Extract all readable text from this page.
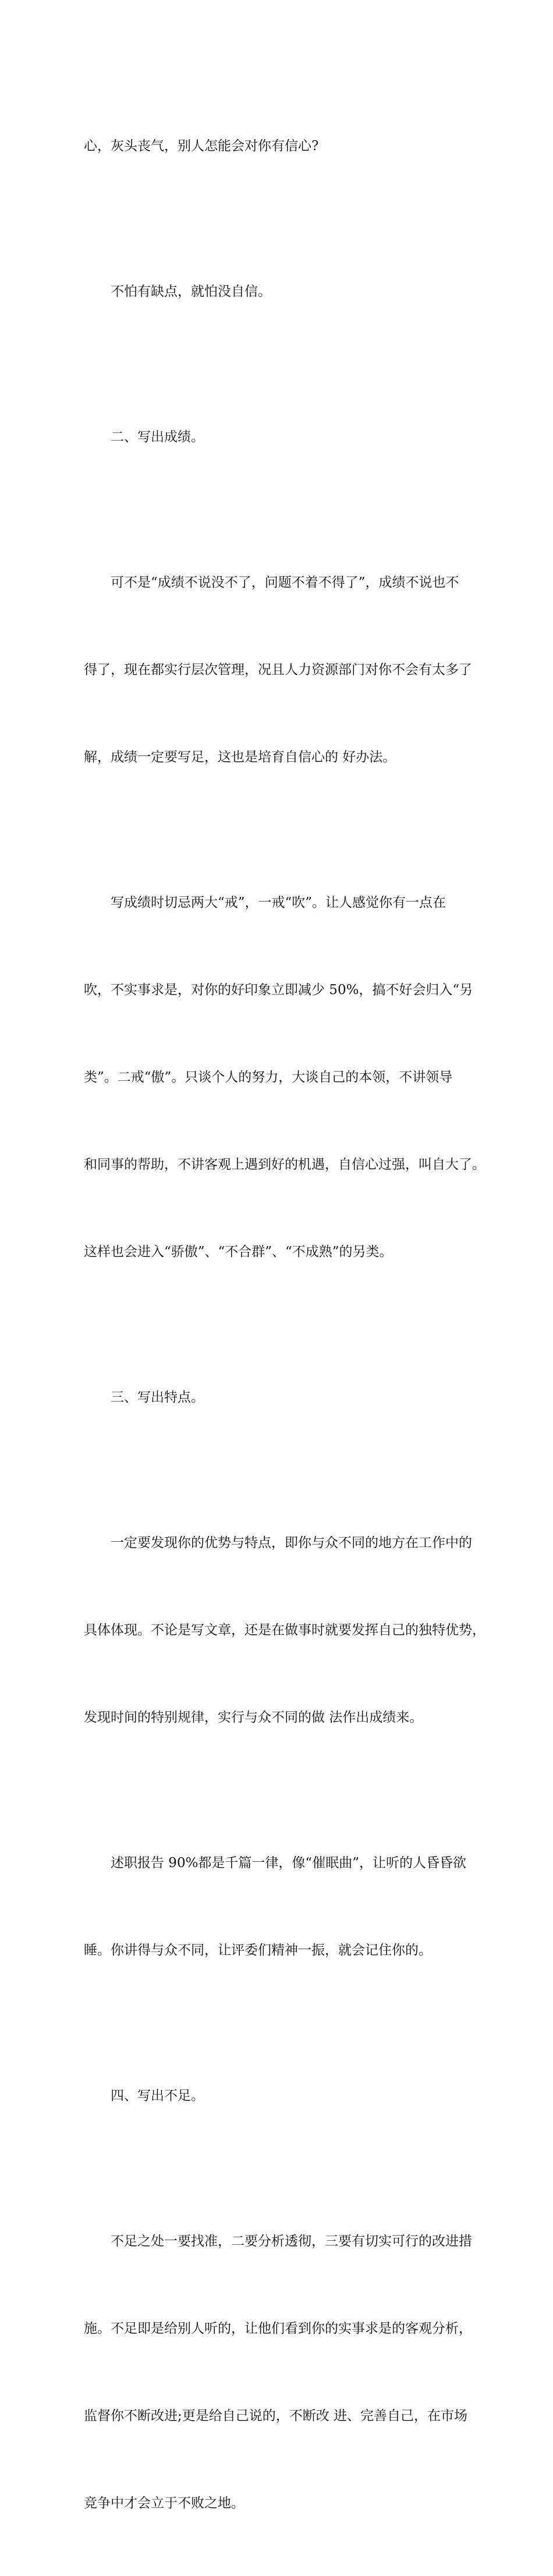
心，灰头丧气，别人怎能会对你有信心?

不怕有缺点，就怕没自信。

二、写出成绩。

可不是“成绩不说没不了，问题不着不得了”，成绩不说也不

得了，现在都实行层次管理，况且人力资源部门对你不会有太多了

解，成绩一定要写足，这也是培育自信心的 好办法。

写成绩时切忌两大“戒”，一戒“吹”。让人感觉你有一点在

吹，不实事求是，对你的好印象立即减少 50%，搞不好会归入“另

类”。二戒“傲”。只谈个人的努力，大谈自己的本领，不讲领导

和同事的帮助，不讲客观上遇到好的机遇，自信心过强，叫自大了。

这样也会进入“骄傲”、“不合群”、“不成熟”的另类。

三、写出特点。

一定要发现你的优势与特点，即你与众不同的地方在工作中的

具体体现。不论是写文章，还是在做事时就要发挥自己的独特优势，

发现时间的特别规律，实行与众不同的做 法作出成绩来。

述职报告 90%都是千篇一律，像“催眠曲”，让听的人昏昏欲

睡。你讲得与众不同，让评委们精神一振，就会记住你的。

四、写出不足。

不足之处一要找准，二要分析透彻，三要有切实可行的改进措

施。不足即是给别人听的，让他们看到你的实事求是的客观分析，

监督你不断改进;更是给自己说的，不断改 进、完善自己，在市场

竞争中才会立于不败之地。
